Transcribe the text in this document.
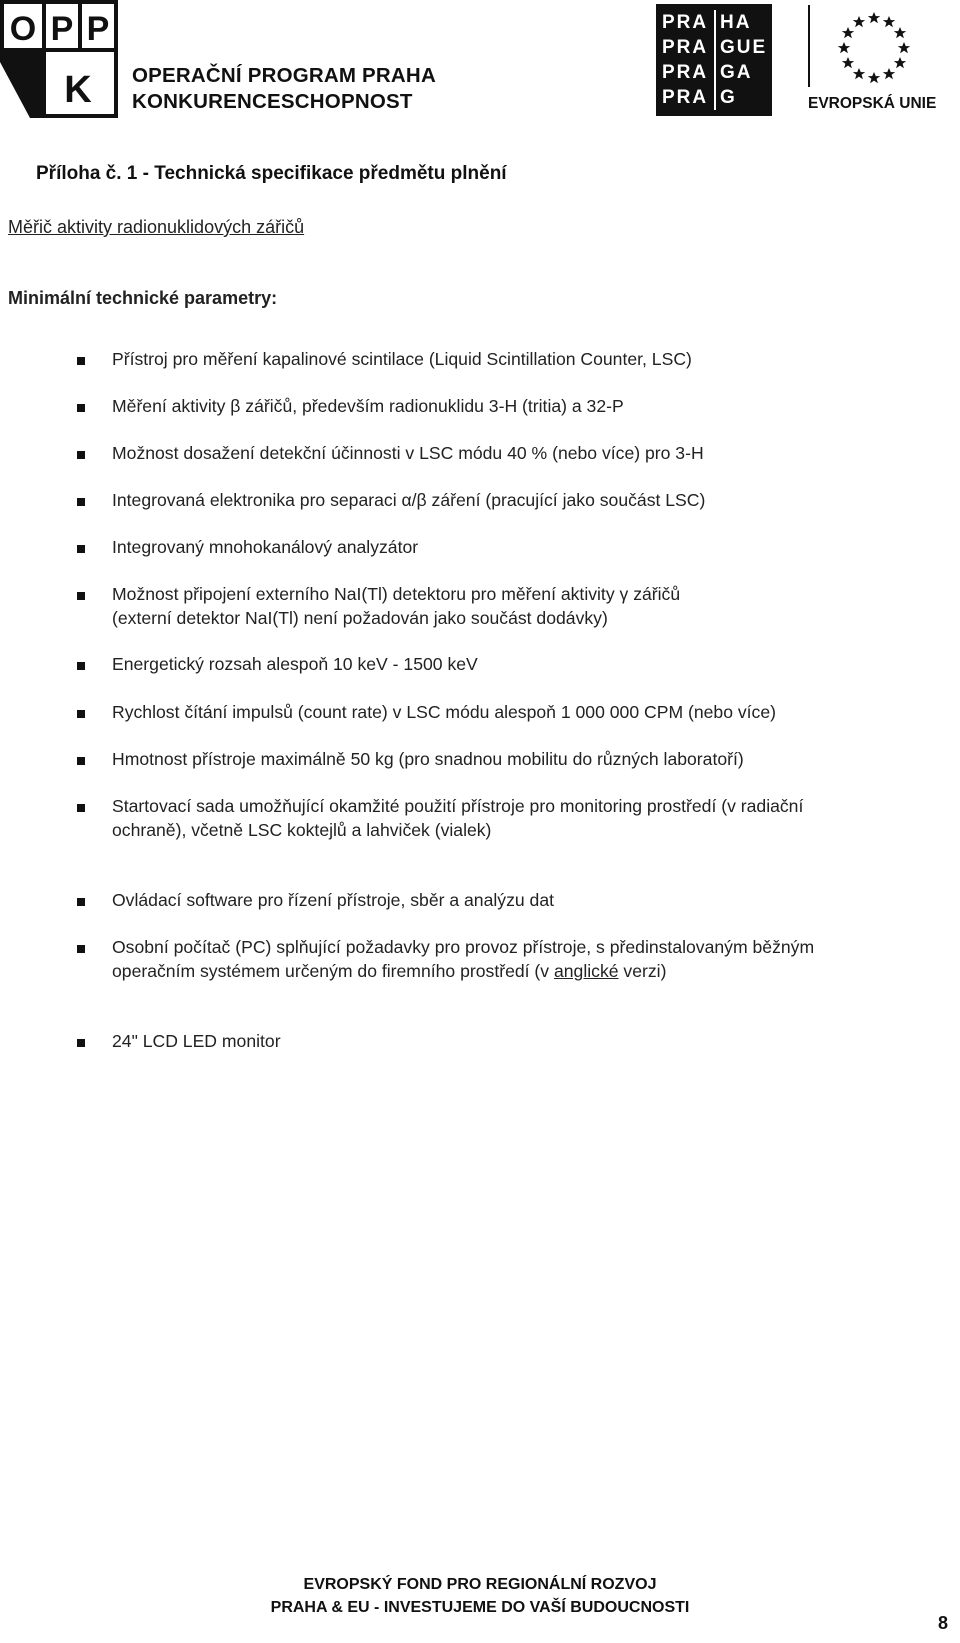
O P P
K OPERAČNÍ PROGRAM PRAHA
KONKURENCESCHOPNOST
PRA HA
PRA GUE
PRA GA
PRA G	EVROPSKÁ UNIE
Příloha č. 1 - Technická specifikace předmětu plnění
Měřič aktivity radionuklidových zářičů
Minimální technické parametry:
Přístroj pro měření kapalinové scintilace (Liquid Scintillation Counter, LSC)
Měření aktivity β zářičů, především radionuklidu 3-H (tritia) a 32-P
Možnost dosažení detekční účinnosti v LSC módu 40 % (nebo více) pro 3-H
Integrovaná elektronika pro separaci α/β záření (pracující jako součást LSC)
Integrovaný mnohokanálový analyzátor
Možnost připojení externího NaI(Tl) detektoru pro měření aktivity γ zářičů
(externí detektor NaI(Tl) není požadován jako součást dodávky)
Energetický rozsah alespoň 10 keV - 1500 keV
Rychlost čítání impulsů (count rate) v LSC módu alespoň 1 000 000 CPM (nebo více)
Hmotnost přístroje maximálně 50 kg (pro snadnou mobilitu do různých laboratoří)
Startovací sada umožňující okamžité použití přístroje pro monitoring prostředí (v radiační
ochraně), včetně LSC koktejlů a lahviček (vialek)
Ovládací software pro řízení přístroje, sběr a analýzu dat
Osobní počítač (PC) splňující požadavky pro provoz přístroje, s předinstalovaným běžným
operačním systémem určeným do firemního prostředí (v anglické verzi)
24" LCD LED monitor
EVROPSKÝ FOND PRO REGIONÁLNÍ ROZVOJ
PRAHA & EU - INVESTUJEME DO VAŠÍ BUDOUCNOSTI
8
